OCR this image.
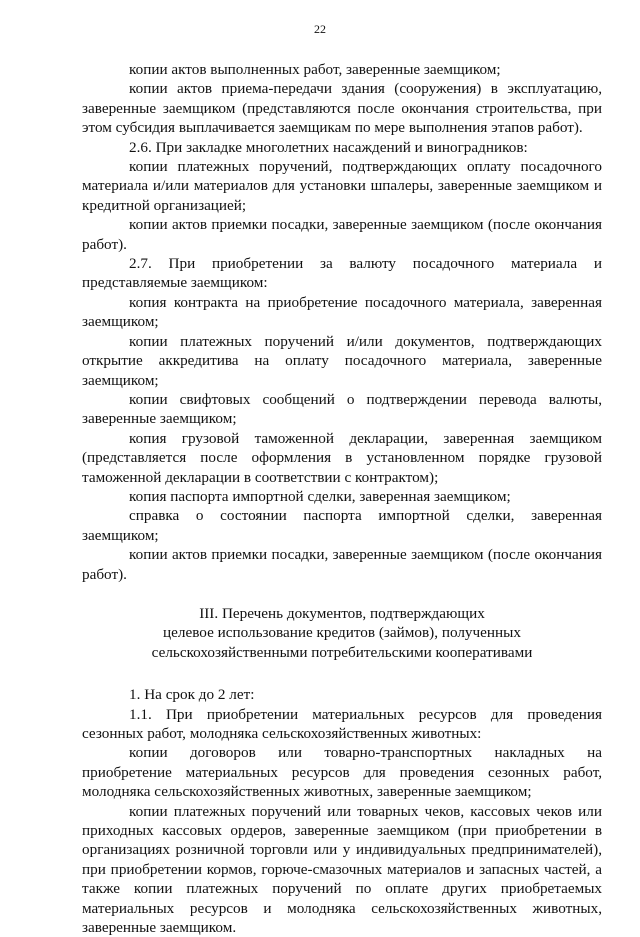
22

копии актов выполненных работ, заверенные заемщиком;

копии актов приема-передачи здания (сооружения) в эксплуатацию, заверенные заемщиком (представляются после окончания строительства, при этом субсидия выплачивается заемщикам по мере выполнения этапов работ).

2.6. При закладке многолетних насаждений и виноградников:

копии платежных поручений, подтверждающих оплату посадочного материала и/или материалов для установки шпалеры, заверенные заемщиком и кредитной организацией;

копии актов приемки посадки, заверенные заемщиком (после окончания работ).

2.7. При приобретении за валюту посадочного материала и представляемые заемщиком:

копия контракта на приобретение посадочного материала, заверенная заемщиком;

копии платежных поручений и/или документов, подтверждающих открытие аккредитива на оплату посадочного материала, заверенные заемщиком;

копии свифтовых сообщений о подтверждении перевода валюты, заверенные заемщиком;

копия грузовой таможенной декларации, заверенная заемщиком (представляется после оформления в установленном порядке грузовой таможенной декларации в соответствии с контрактом);

копия паспорта импортной сделки, заверенная заемщиком;

справка о состоянии паспорта импортной сделки, заверенная заемщиком;

копии актов приемки посадки, заверенные заемщиком (после окончания работ).

III. Перечень документов, подтверждающих
целевое использование кредитов (займов), полученных
сельскохозяйственными потребительскими кооперативами

1. На срок до 2 лет:

1.1. При приобретении материальных ресурсов для проведения сезонных работ, молодняка сельскохозяйственных животных:

копии договоров или товарно-транспортных накладных на приобретение материальных ресурсов для проведения сезонных работ, молодняка сельскохозяйственных животных, заверенные заемщиком;

копии платежных поручений или товарных чеков, кассовых чеков или приходных кассовых ордеров, заверенные заемщиком (при приобретении в организациях розничной торговли или у индивидуальных предпринимателей), при приобретении кормов, горюче-смазочных материалов и запасных частей, а также копии платежных поручений по оплате других приобретаемых материальных ресурсов и молодняка сельскохозяйственных животных, заверенные заемщиком.
